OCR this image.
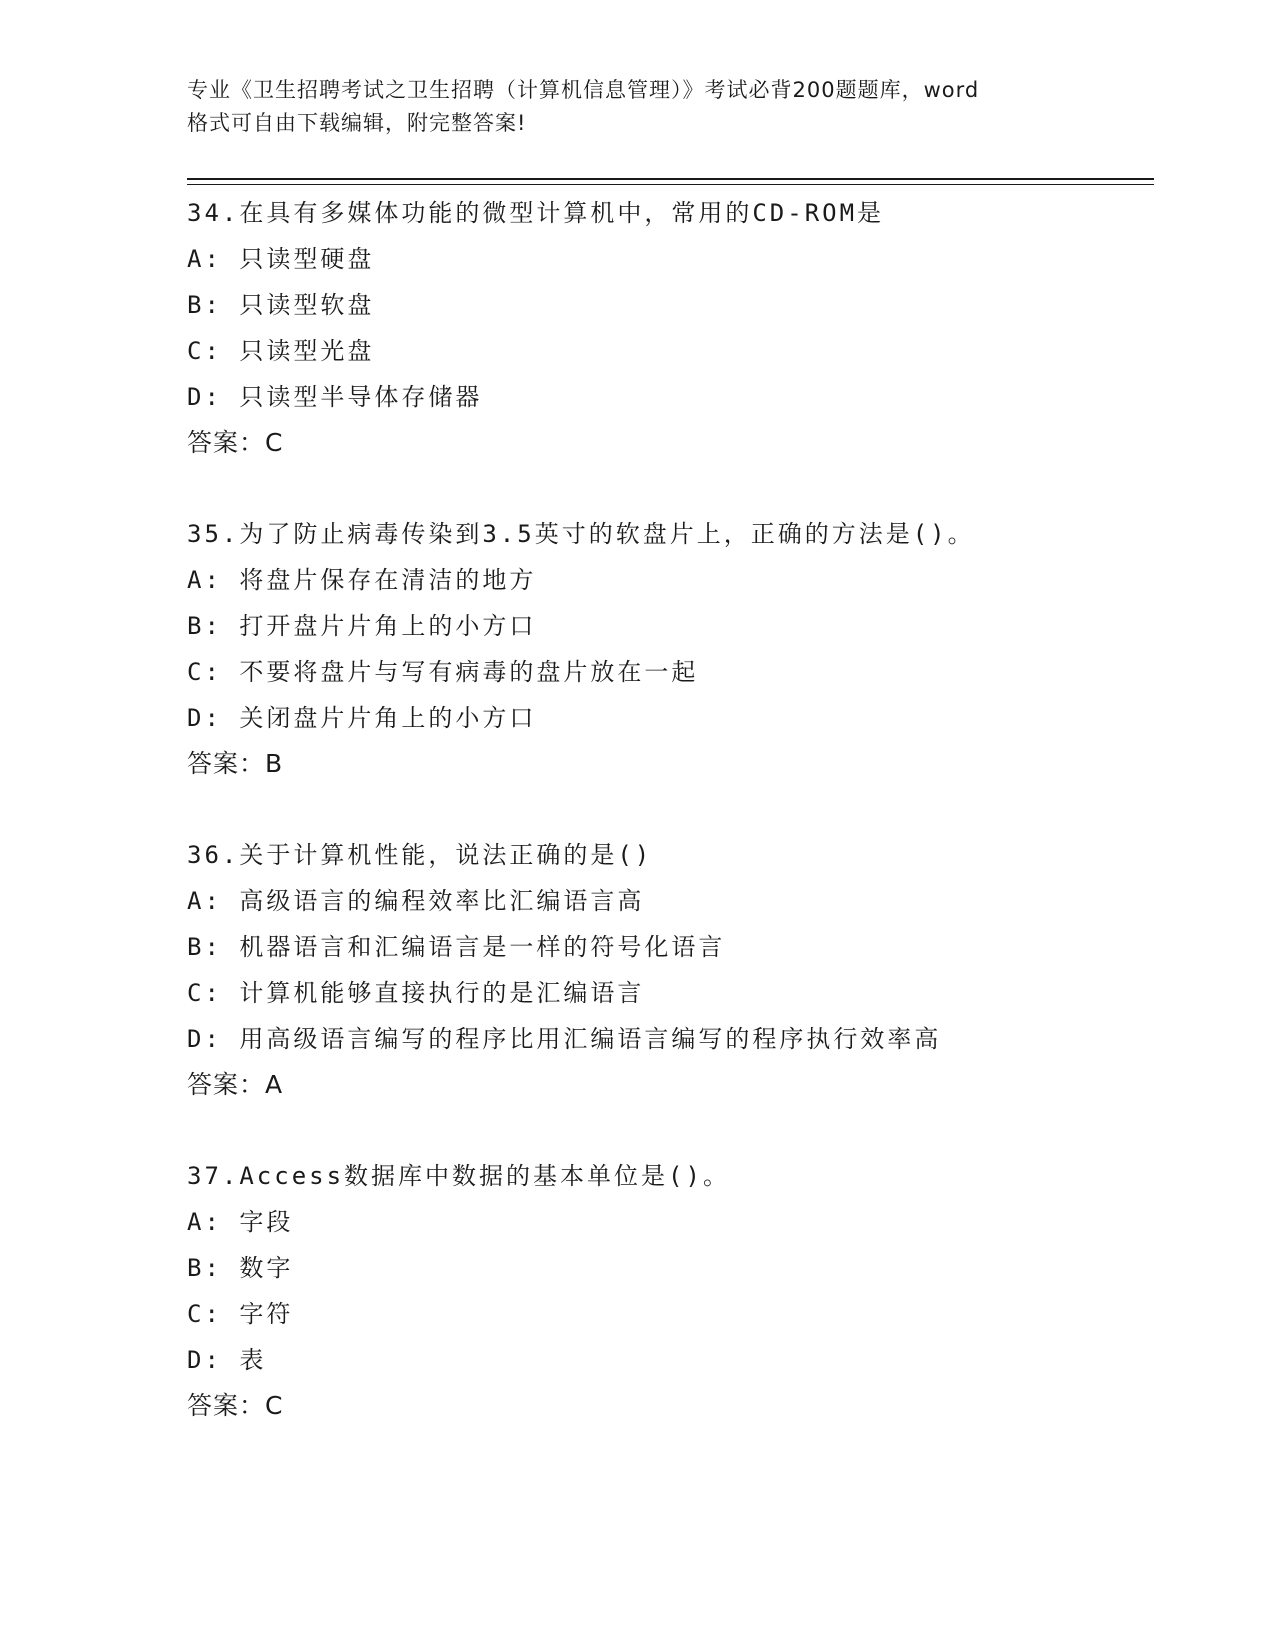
专业《卫生招聘考试之卫生招聘（计算机信息管理）》考试必背200题题库，word
格式可自由下载编辑，附完整答案!
34.在具有多媒体功能的微型计算机中，常用的CD-ROM是
A: 只读型硬盘
B: 只读型软盘
C: 只读型光盘
D: 只读型半导体存储器
答案：C
35.为了防止病毒传染到3.5英寸的软盘片上，正确的方法是()。
A: 将盘片保存在清洁的地方
B: 打开盘片片角上的小方口
C: 不要将盘片与写有病毒的盘片放在一起
D: 关闭盘片片角上的小方口
答案：B
36.关于计算机性能，说法正确的是()
A: 高级语言的编程效率比汇编语言高
B: 机器语言和汇编语言是一样的符号化语言
C: 计算机能够直接执行的是汇编语言
D: 用高级语言编写的程序比用汇编语言编写的程序执行效率高
答案：A
37.Access数据库中数据的基本单位是()。
A: 字段
B: 数字
C: 字符
D: 表
答案：C
